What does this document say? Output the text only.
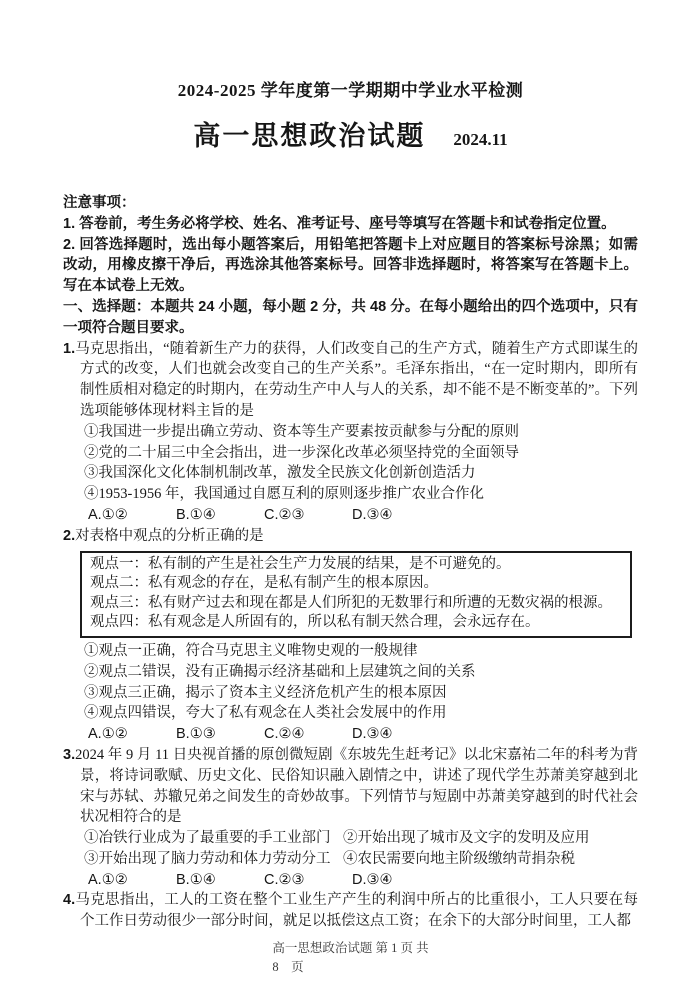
2024-2025 学年度第一学期期中学业水平检测
高一思想政治试题 2024.11
注意事项：
1. 答卷前，考生务必将学校、姓名、准考证号、座号等填写在答题卡和试卷指定位置。
2. 回答选择题时，选出每小题答案后，用铅笔把答题卡上对应题目的答案标号涂黑；如需改动，用橡皮擦干净后，再选涂其他答案标号。回答非选择题时，将答案写在答题卡上。写在本试卷上无效。
一、选择题：本题共 24 小题，每小题 2 分，共 48 分。在每小题给出的四个选项中，只有一项符合题目要求。
1.马克思指出，“随着新生产力的获得，人们改变自己的生产方式，随着生产方式即谋生的方式的改变，人们也就会改变自己的生产关系”。毛泽东指出，“在一定时期内，即所有制性质相对稳定的时期内，在劳动生产中人与人的关系，却不能不是不断变革的”。下列选项能够体现材料主旨的是
①我国进一步提出确立劳动、资本等生产要素按贡献参与分配的原则
②党的二十届三中全会指出，进一步深化改革必须坚持党的全面领导
③我国深化文化体制机制改革，激发全民族文化创新创造活力
④1953-1956 年，我国通过自愿互利的原则逐步推广农业合作化
A.①②	B.①④	C.②③	D.③④
2.对表格中观点的分析正确的是
观点一：私有制的产生是社会生产力发展的结果，是不可避免的。
观点二：私有观念的存在，是私有制产生的根本原因。
观点三：私有财产过去和现在都是人们所犯的无数罪行和所遭的无数灾祸的根源。
观点四：私有观念是人所固有的，所以私有制天然合理，会永远存在。
①观点一正确，符合马克思主义唯物史观的一般规律
②观点二错误，没有正确揭示经济基础和上层建筑之间的关系
③观点三正确，揭示了资本主义经济危机产生的根本原因
④观点四错误，夸大了私有观念在人类社会发展中的作用
A.①②	B.①③	C.②④	D.③④
3.2024 年 9 月 11 日央视首播的原创微短剧《东坡先生赶考记》以北宋嘉祐二年的科考为背景，将诗词歌赋、历史文化、民俗知识融入剧情之中，讲述了现代学生苏萧美穿越到北宋与苏轼、苏辙兄弟之间发生的奇妙故事。下列情节与短剧中苏萧美穿越到的时代社会状况相符合的是
①冶铁行业成为了最重要的手工业部门 ②开始出现了城市及文字的发明及应用
③开始出现了脑力劳动和体力劳动分工 ④农民需要向地主阶级缴纳苛捐杂税
A.①②	B.①④	C.②③	D.③④
4.马克思指出，工人的工资在整个工业生产产生的利润中所占的比重很小，工人只要在每个工作日劳动很少一部分时间，就足以抵偿这点工资；在余下的大部分时间里，工人都
高一思想政治试题 第 1 页 共
8　页
